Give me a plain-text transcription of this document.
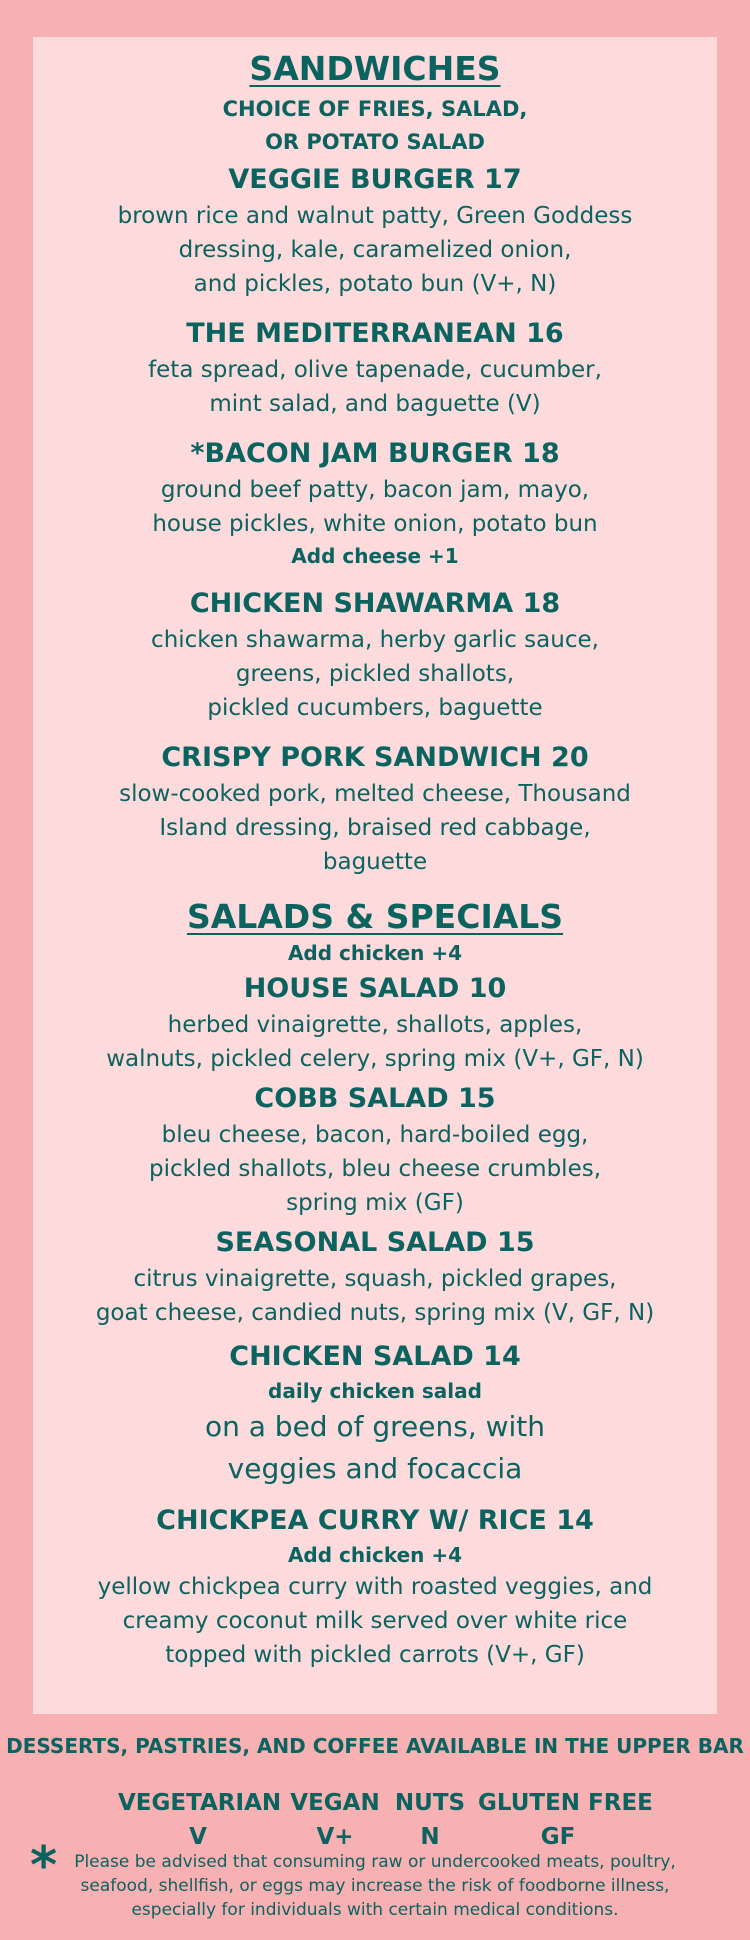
SANDWICHES
CHOICE OF FRIES, SALAD,
OR POTATO SALAD
VEGGIE BURGER 17
brown rice and walnut patty, Green Goddess
dressing, kale, caramelized onion,
and pickles, potato bun (V+, N)
THE MEDITERRANEAN 16
feta spread, olive tapenade, cucumber,
mint salad, and baguette (V)
*BACON JAM BURGER 18
ground beef patty, bacon jam, mayo,
house pickles, white onion, potato bun
Add cheese +1
CHICKEN SHAWARMA 18
chicken shawarma, herby garlic sauce,
greens, pickled shallots,
pickled cucumbers, baguette
CRISPY PORK SANDWICH 20
slow-cooked pork, melted cheese, Thousand
Island dressing, braised red cabbage,
baguette
SALADS & SPECIALS
Add chicken +4
HOUSE SALAD 10
herbed vinaigrette, shallots, apples,
walnuts, pickled celery, spring mix (V+, GF, N)
COBB SALAD 15
bleu cheese, bacon, hard-boiled egg,
pickled shallots, bleu cheese crumbles,
spring mix (GF)
SEASONAL SALAD 15
citrus vinaigrette, squash, pickled grapes,
goat cheese, candied nuts, spring mix (V, GF, N)
CHICKEN SALAD 14
daily chicken salad
on a bed of greens, with
veggies and focaccia
CHICKPEA CURRY W/ RICE 14
Add chicken +4
yellow chickpea curry with roasted veggies, and
creamy coconut milk served over white rice
topped with pickled carrots (V+, GF)
DESSERTS, PASTRIES, AND COFFEE AVAILABLE IN THE UPPER BAR
VEGETARIAN
V
VEGAN
V+
NUTS
N
GLUTEN FREE
GF
* Please be advised that consuming raw or undercooked meats, poultry,
seafood, shellfish, or eggs may increase the risk of foodborne illness,
especially for individuals with certain medical conditions.
